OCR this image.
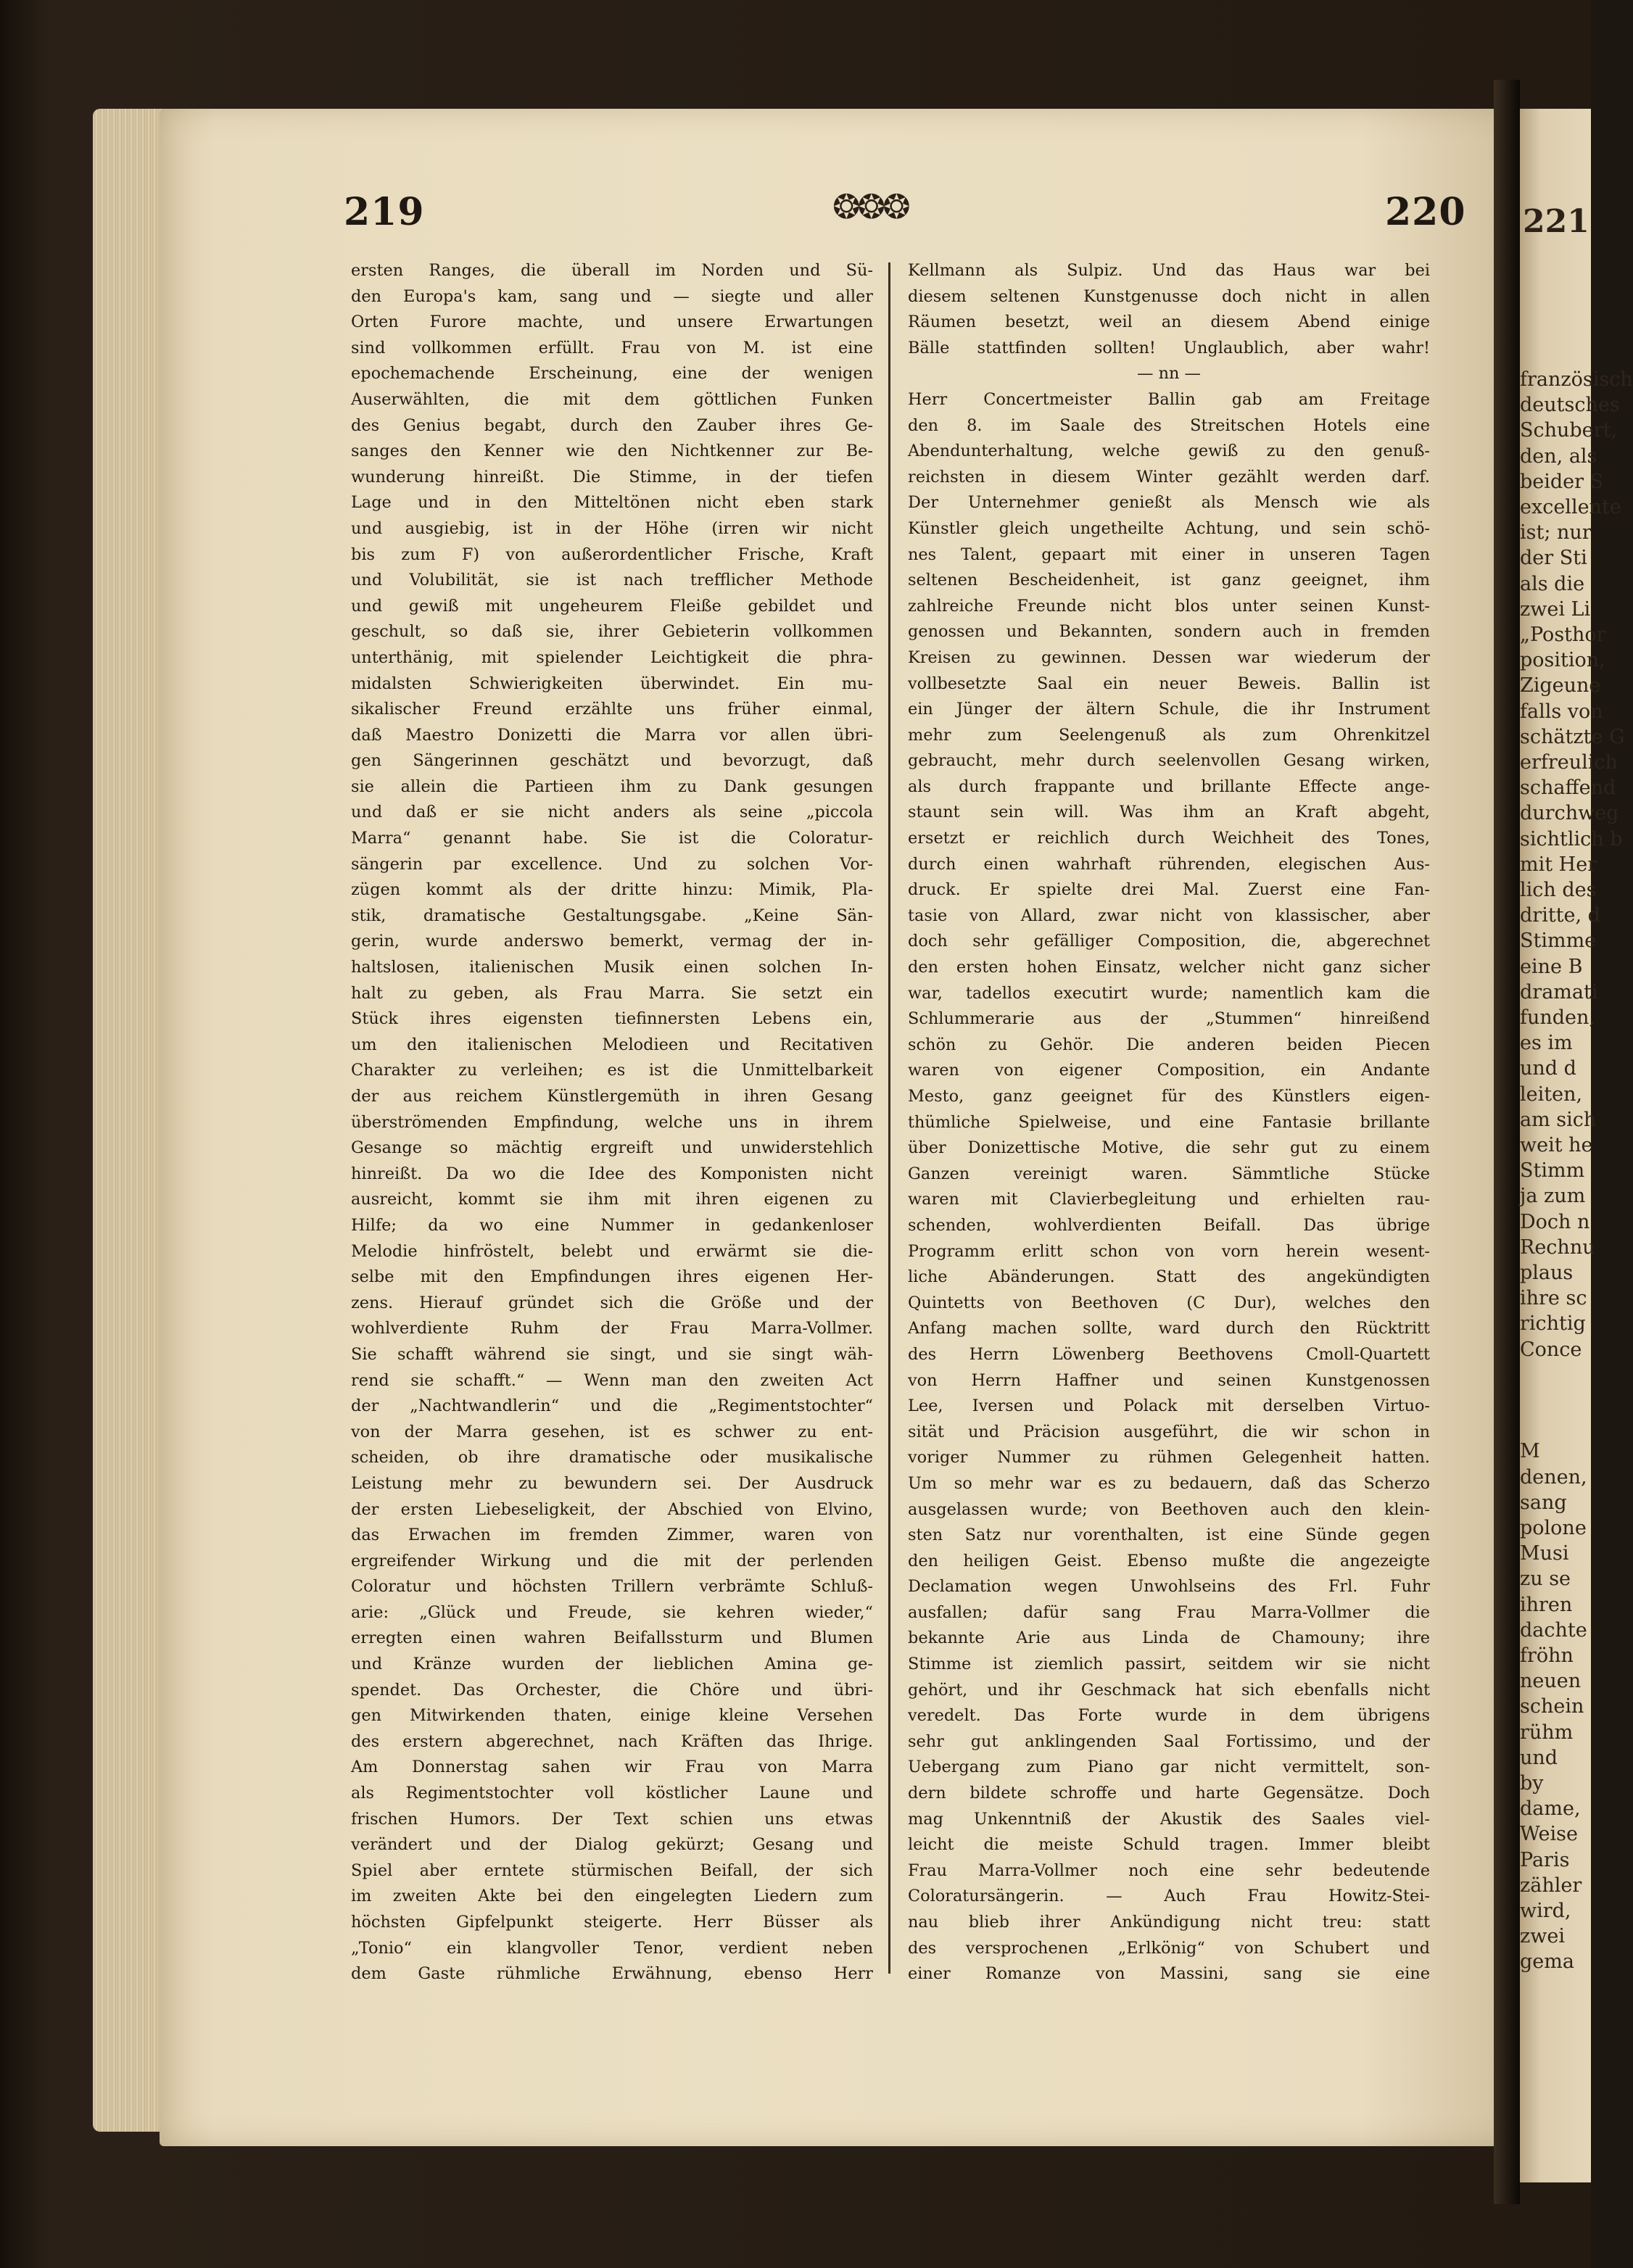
221
französisch
deutsches
Schubert,
den, als
beider S
excellente
ist; nur
der Sti
als die
zwei Li
„Posthor
position,
Zigeune
falls von
schätzte G
erfreulich
schaffend
durchweg
sichtlich b
mit Her
lich des
dritte, d
Stimme
eine B
dramati
funden,
es im
und d
leiten,
am sich
weit he
Stimm
ja zum
Doch n
Rechnu
plaus
ihre sc
richtig
Conce
M
denen,
sang
polone
Musi
zu se
ihren
dachte
fröhn
neuen
schein
rühm
und
by
dame,
Weise
Paris
zähler
wird,
zwei
gema
219	❂❂❂	220
ersten Ranges, die überall im Norden und Sü-
den Europa's kam, sang und — siegte und aller
Orten Furore machte, und unsere Erwartungen
sind vollkommen erfüllt. Frau von M. ist eine
epochemachende Erscheinung, eine der wenigen
Auserwählten, die mit dem göttlichen Funken
des Genius begabt, durch den Zauber ihres Ge-
sanges den Kenner wie den Nichtkenner zur Be-
wunderung hinreißt. Die Stimme, in der tiefen
Lage und in den Mitteltönen nicht eben stark
und ausgiebig, ist in der Höhe (irren wir nicht
bis zum F) von außerordentlicher Frische, Kraft
und Volubilität, sie ist nach trefflicher Methode
und gewiß mit ungeheurem Fleiße gebildet und
geschult, so daß sie, ihrer Gebieterin vollkommen
unterthänig, mit spielender Leichtigkeit die phra-
midalsten Schwierigkeiten überwindet. Ein mu-
sikalischer Freund erzählte uns früher einmal,
daß Maestro Donizetti die Marra vor allen übri-
gen Sängerinnen geschätzt und bevorzugt, daß
sie allein die Partieen ihm zu Dank gesungen
und daß er sie nicht anders als seine „piccola
Marra“ genannt habe. Sie ist die Coloratur-
sängerin par excellence. Und zu solchen Vor-
zügen kommt als der dritte hinzu: Mimik, Pla-
stik, dramatische Gestaltungsgabe. „Keine Sän-
gerin, wurde anderswo bemerkt, vermag der in-
haltslosen, italienischen Musik einen solchen In-
halt zu geben, als Frau Marra. Sie setzt ein
Stück ihres eigensten tiefinnersten Lebens ein,
um den italienischen Melodieen und Recitativen
Charakter zu verleihen; es ist die Unmittelbarkeit
der aus reichem Künstlergemüth in ihren Gesang
überströmenden Empfindung, welche uns in ihrem
Gesange so mächtig ergreift und unwiderstehlich
hinreißt. Da wo die Idee des Komponisten nicht
ausreicht, kommt sie ihm mit ihren eigenen zu
Hilfe; da wo eine Nummer in gedankenloser
Melodie hinfröstelt, belebt und erwärmt sie die-
selbe mit den Empfindungen ihres eigenen Her-
zens. Hierauf gründet sich die Größe und der
wohlverdiente Ruhm der Frau Marra-Vollmer.
Sie schafft während sie singt, und sie singt wäh-
rend sie schafft.“ — Wenn man den zweiten Act
der „Nachtwandlerin“ und die „Regimentstochter“
von der Marra gesehen, ist es schwer zu ent-
scheiden, ob ihre dramatische oder musikalische
Leistung mehr zu bewundern sei. Der Ausdruck
der ersten Liebeseligkeit, der Abschied von Elvino,
das Erwachen im fremden Zimmer, waren von
ergreifender Wirkung und die mit der perlenden
Coloratur und höchsten Trillern verbrämte Schluß-
arie: „Glück und Freude, sie kehren wieder,“
erregten einen wahren Beifallssturm und Blumen
und Kränze wurden der lieblichen Amina ge-
spendet. Das Orchester, die Chöre und übri-
gen Mitwirkenden thaten, einige kleine Versehen
des erstern abgerechnet, nach Kräften das Ihrige.
Am Donnerstag sahen wir Frau von Marra
als Regimentstochter voll köstlicher Laune und
frischen Humors. Der Text schien uns etwas
verändert und der Dialog gekürzt; Gesang und
Spiel aber erntete stürmischen Beifall, der sich
im zweiten Akte bei den eingelegten Liedern zum
höchsten Gipfelpunkt steigerte. Herr Büsser als
„Tonio“ ein klangvoller Tenor, verdient neben
dem Gaste rühmliche Erwähnung, ebenso Herr
Kellmann als Sulpiz. Und das Haus war bei
diesem seltenen Kunstgenusse doch nicht in allen
Räumen besetzt, weil an diesem Abend einige
Bälle stattfinden sollten! Unglaublich, aber wahr!
— nn —
Herr Concertmeister Ballin gab am Freitage
den 8. im Saale des Streitschen Hotels eine
Abendunterhaltung, welche gewiß zu den genuß-
reichsten in diesem Winter gezählt werden darf.
Der Unternehmer genießt als Mensch wie als
Künstler gleich ungetheilte Achtung, und sein schö-
nes Talent, gepaart mit einer in unseren Tagen
seltenen Bescheidenheit, ist ganz geeignet, ihm
zahlreiche Freunde nicht blos unter seinen Kunst-
genossen und Bekannten, sondern auch in fremden
Kreisen zu gewinnen. Dessen war wiederum der
vollbesetzte Saal ein neuer Beweis. Ballin ist
ein Jünger der ältern Schule, die ihr Instrument
mehr zum Seelengenuß als zum Ohrenkitzel
gebraucht, mehr durch seelenvollen Gesang wirken,
als durch frappante und brillante Effecte ange-
staunt sein will. Was ihm an Kraft abgeht,
ersetzt er reichlich durch Weichheit des Tones,
durch einen wahrhaft rührenden, elegischen Aus-
druck. Er spielte drei Mal. Zuerst eine Fan-
tasie von Allard, zwar nicht von klassischer, aber
doch sehr gefälliger Composition, die, abgerechnet
den ersten hohen Einsatz, welcher nicht ganz sicher
war, tadellos executirt wurde; namentlich kam die
Schlummerarie aus der „Stummen“ hinreißend
schön zu Gehör. Die anderen beiden Piecen
waren von eigener Composition, ein Andante
Mesto, ganz geeignet für des Künstlers eigen-
thümliche Spielweise, und eine Fantasie brillante
über Donizettische Motive, die sehr gut zu einem
Ganzen vereinigt waren. Sämmtliche Stücke
waren mit Clavierbegleitung und erhielten rau-
schenden, wohlverdienten Beifall. Das übrige
Programm erlitt schon von vorn herein wesent-
liche Abänderungen. Statt des angekündigten
Quintetts von Beethoven (C Dur), welches den
Anfang machen sollte, ward durch den Rücktritt
des Herrn Löwenberg Beethovens Cmoll-Quartett
von Herrn Haffner und seinen Kunstgenossen
Lee, Iversen und Polack mit derselben Virtuo-
sität und Präcision ausgeführt, die wir schon in
voriger Nummer zu rühmen Gelegenheit hatten.
Um so mehr war es zu bedauern, daß das Scherzo
ausgelassen wurde; von Beethoven auch den klein-
sten Satz nur vorenthalten, ist eine Sünde gegen
den heiligen Geist. Ebenso mußte die angezeigte
Declamation wegen Unwohlseins des Frl. Fuhr
ausfallen; dafür sang Frau Marra-Vollmer die
bekannte Arie aus Linda de Chamouny; ihre
Stimme ist ziemlich passirt, seitdem wir sie nicht
gehört, und ihr Geschmack hat sich ebenfalls nicht
veredelt. Das Forte wurde in dem übrigens
sehr gut anklingenden Saal Fortissimo, und der
Uebergang zum Piano gar nicht vermittelt, son-
dern bildete schroffe und harte Gegensätze. Doch
mag Unkenntniß der Akustik des Saales viel-
leicht die meiste Schuld tragen. Immer bleibt
Frau Marra-Vollmer noch eine sehr bedeutende
Coloratursängerin. — Auch Frau Howitz-Stei-
nau blieb ihrer Ankündigung nicht treu: statt
des versprochenen „Erlkönig“ von Schubert und
einer Romanze von Massini, sang sie eine
